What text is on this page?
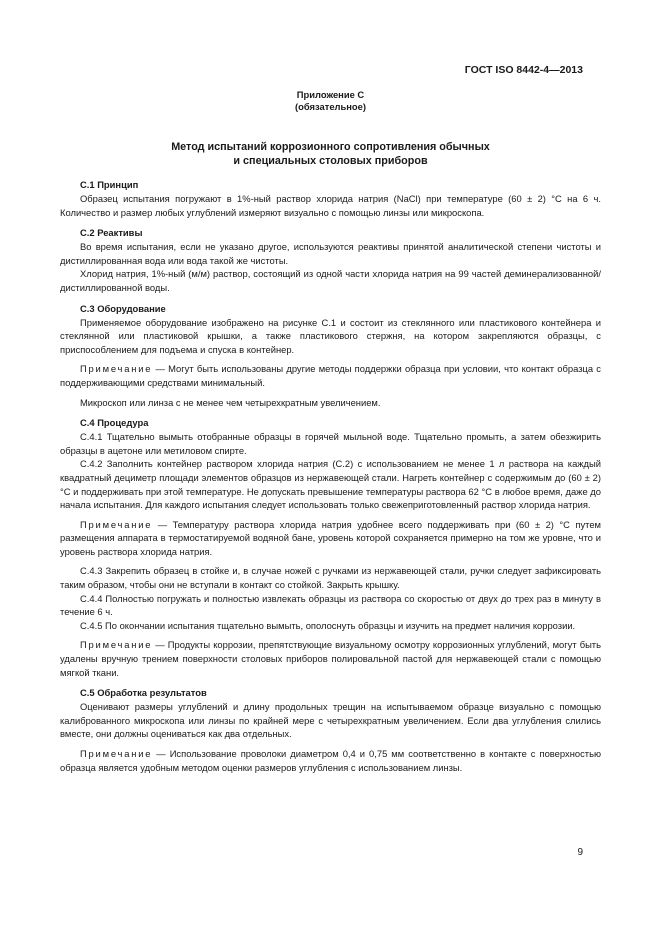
ГОСТ ISO 8442-4—2013
Приложение С
(обязательное)
Метод испытаний коррозионного сопротивления обычных
и специальных столовых приборов
С.1 Принцип

Образец испытания погружают в 1%-ный раствор хлорида натрия (NaCl) при температуре (60 ± 2) °С на 6 ч. Количество и размер любых углублений измеряют визуально с помощью линзы или микроскопа.

С.2 Реактивы

Во время испытания, если не указано другое, используются реактивы принятой аналитической степени чистоты и дистиллированная вода или вода такой же чистоты.

Хлорид натрия, 1%-ный (м/м) раствор, состоящий из одной части хлорида натрия на 99 частей деминерализованной/дистиллированной воды.

С.3 Оборудование

Применяемое оборудование изображено на рисунке С.1 и состоит из стеклянного или пластикового контейнера и стеклянной или пластиковой крышки, а также пластикового стержня, на котором закрепляются образцы, с приспособлением для подъема и спуска в контейнер.

Примечание — Могут быть использованы другие методы поддержки образца при условии, что контакт образца с поддерживающими средствами минимальный.

Микроскоп или линза с не менее чем четырехкратным увеличением.

С.4 Процедура

С.4.1 Тщательно вымыть отобранные образцы в горячей мыльной воде. Тщательно промыть, а затем обезжирить образцы в ацетоне или метиловом спирте.

С.4.2 Заполнить контейнер раствором хлорида натрия (С.2) с использованием не менее 1 л раствора на каждый квадратный дециметр площади элементов образцов из нержавеющей стали. Нагреть контейнер с содержимым до (60 ± 2) °С и поддерживать при этой температуре. Не допускать превышение температуры раствора 62 °С в любое время, даже до начала испытания. Для каждого испытания следует использовать только свежеприготовленный раствор хлорида натрия.

Примечание — Температуру раствора хлорида натрия удобнее всего поддерживать при (60 ± 2) °С путем размещения аппарата в термостатируемой водяной бане, уровень которой сохраняется примерно на том же уровне, что и уровень раствора хлорида натрия.

С.4.3 Закрепить образец в стойке и, в случае ножей с ручками из нержавеющей стали, ручки следует зафиксировать таким образом, чтобы они не вступали в контакт со стойкой. Закрыть крышку.

С.4.4 Полностью погружать и полностью извлекать образцы из раствора со скоростью от двух до трех раз в минуту в течение 6 ч.

С.4.5 По окончании испытания тщательно вымыть, ополоснуть образцы и изучить на предмет наличия коррозии.

Примечание — Продукты коррозии, препятствующие визуальному осмотру коррозионных углублений, могут быть удалены вручную трением поверхности столовых приборов полировальной пастой для нержавеющей стали с помощью мягкой ткани.

С.5 Обработка результатов

Оценивают размеры углублений и длину продольных трещин на испытываемом образце визуально с помощью калиброванного микроскопа или линзы по крайней мере с четырехкратным увеличением. Если два углубления слились вместе, они должны оцениваться как два отдельных.

Примечание — Использование проволоки диаметром 0,4 и 0,75 мм соответственно в контакте с поверхностью образца является удобным методом оценки размеров углубления с использованием линзы.

9
